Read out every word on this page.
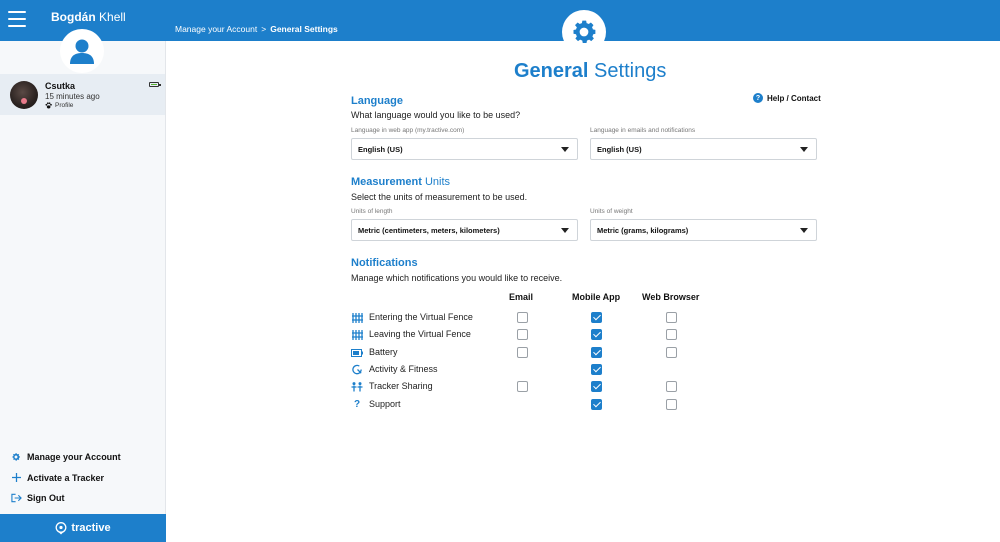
Bogdán Khell
Manage your Account > General Settings
Csutka
15 minutes ago
Profile
Manage your Account
Activate a Tracker
Sign Out
tractive
General Settings
? Help / Contact
Language
What language would you like to be used?
Language in web app (my.tractive.com)
English (US)
Language in emails and notifications
English (US)
Measurement Units
Select the units of measurement to be used.
Units of length
Metric (centimeters, meters, kilometers)
Units of weight
Metric (grams, kilograms)
Notifications
Manage which notifications you would like to receive.
Email	Mobile App Web Browser
Entering the Virtual Fence
Leaving the Virtual Fence
Battery
Activity & Fitness
Tracker Sharing
? Support
